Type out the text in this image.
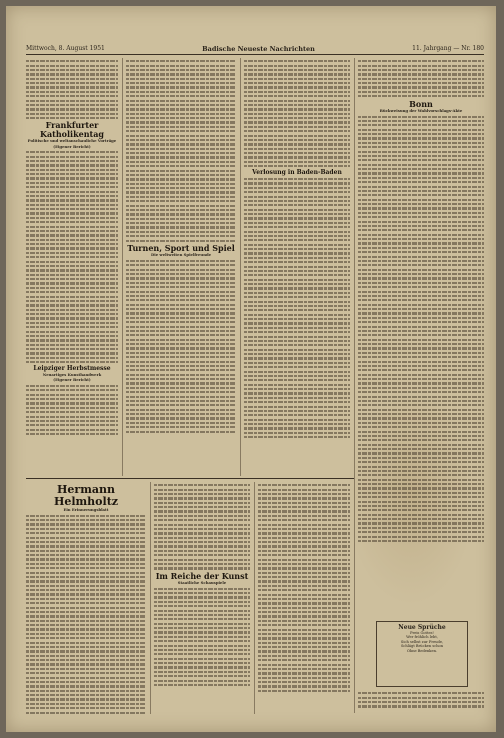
Mittwoch, 8. August 1951	Badische Neueste Nachrichten	11. Jahrgang — Nr. 180
Frankfurter Katholikentag
Politische und weltanschauliche Vorträge
(Eigener Bericht)
Leipziger Herbstmesse
Neuartiges Kunsthandwerk
(Eigener Bericht)
Turnen, Sport und Spiel
Die weltweiten Spielfreunde
Verlosung in Baden-Baden
Bonn
Rückweisung der Wahlvorschlags-Akte
Hermann Helmholtz
Ein Erinnerungsblatt
Im Reiche der Kunst
Staatliche Schauspiele
Neue Sprüche
Preis Gottes!
Wer fröhlich lebt,
Sich selbst zur Freude,
Schlägt Brücken schon
Ohne Bedenken.
